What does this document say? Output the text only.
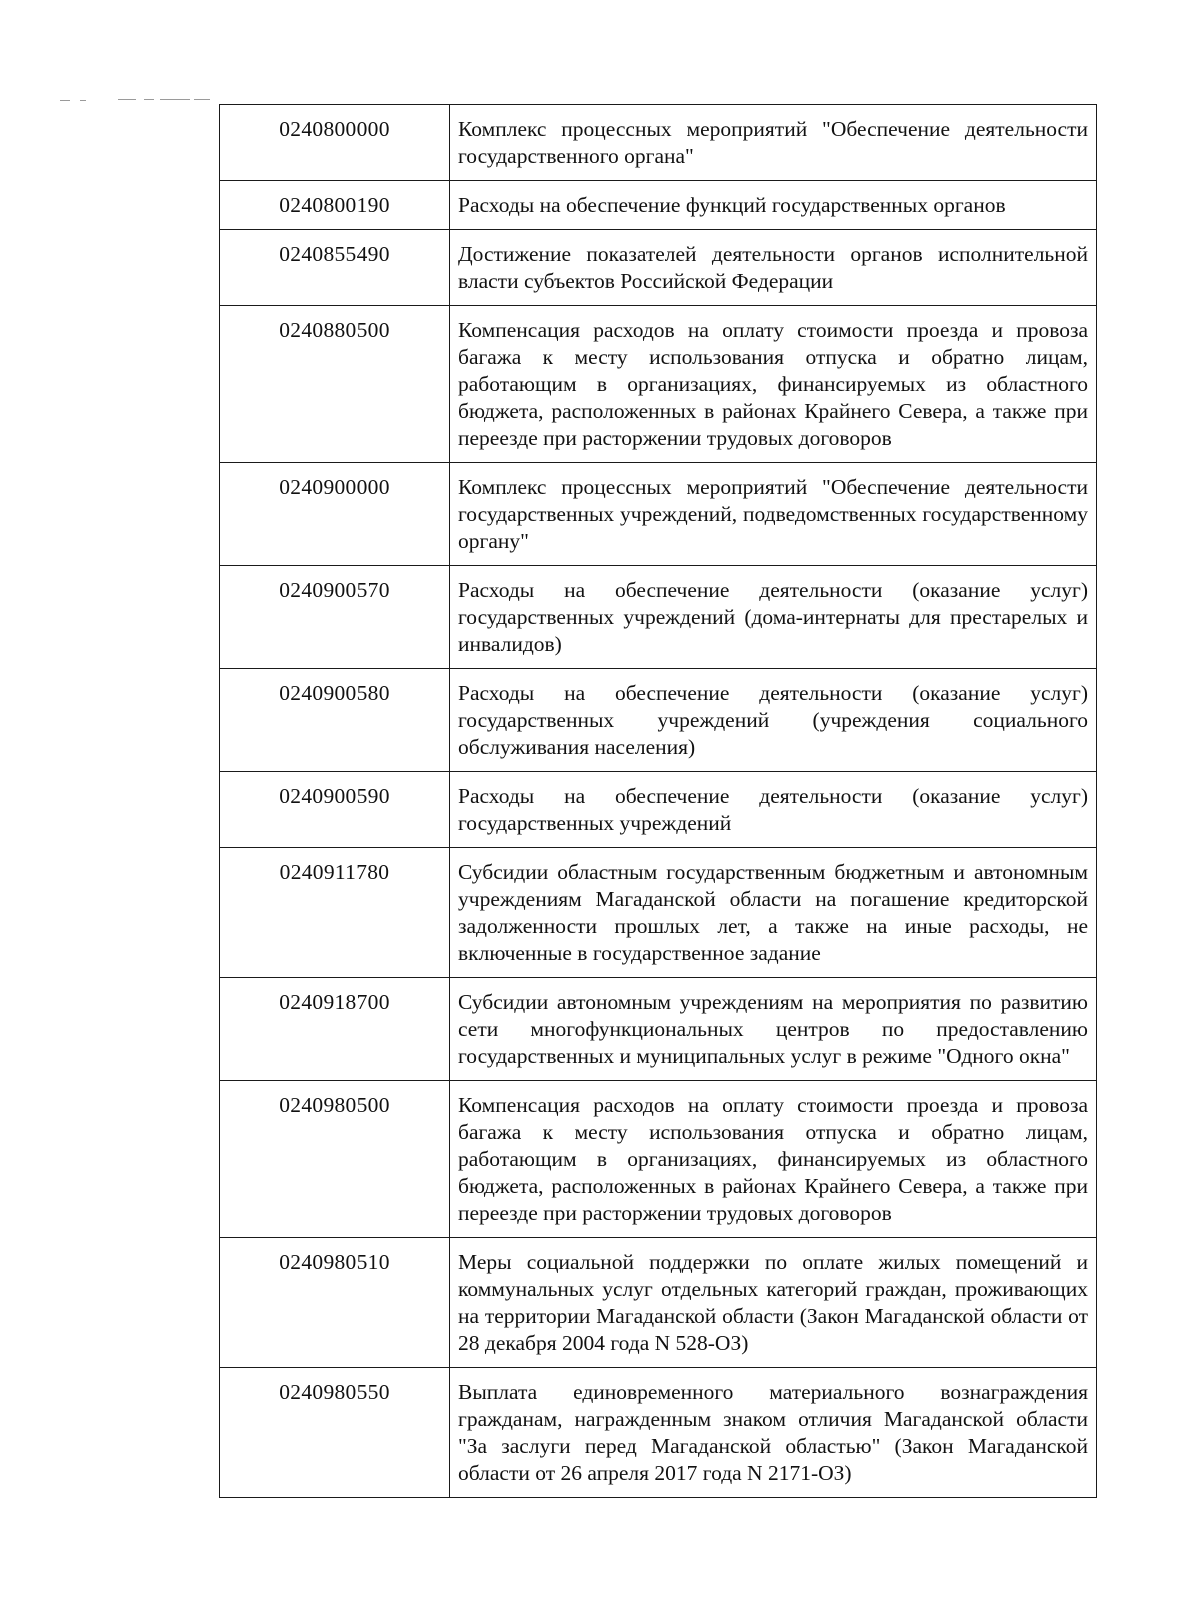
0240800000	Комплекс процессных мероприятий "Обеспечение деятельности государственного органа"
0240800190	Расходы на обеспечение функций государственных органов
0240855490	Достижение показателей деятельности органов исполнительной власти субъектов Российской Федерации
0240880500	Компенсация расходов на оплату стоимости проезда и провоза багажа к месту использования отпуска и обратно лицам, работающим в организациях, финансируемых из областного бюджета, расположенных в районах Крайнего Севера, а также при переезде при расторжении трудовых договоров
0240900000	Комплекс процессных мероприятий "Обеспечение деятельности государственных учреждений, подведомственных государственному органу"
0240900570	Расходы на обеспечение деятельности (оказание услуг) государственных учреждений (дома-интернаты для престарелых и инвалидов)
0240900580	Расходы на обеспечение деятельности (оказание услуг) государственных учреждений (учреждения социального обслуживания населения)
0240900590	Расходы на обеспечение деятельности (оказание услуг) государственных учреждений
0240911780	Субсидии областным государственным бюджетным и автономным учреждениям Магаданской области на погашение кредиторской задолженности прошлых лет, а также на иные расходы, не включенные в государственное задание
0240918700	Субсидии автономным учреждениям на мероприятия по развитию сети многофункциональных центров по предоставлению государственных и муниципальных услуг в режиме "Одного окна"
0240980500	Компенсация расходов на оплату стоимости проезда и провоза багажа к месту использования отпуска и обратно лицам, работающим в организациях, финансируемых из областного бюджета, расположенных в районах Крайнего Севера, а также при переезде при расторжении трудовых договоров
0240980510	Меры социальной поддержки по оплате жилых помещений и коммунальных услуг отдельных категорий граждан, проживающих на территории Магаданской области (Закон Магаданской области от 28 декабря 2004 года N 528-ОЗ)
0240980550	Выплата единовременного материального вознаграждения гражданам, награжденным знаком отличия Магаданской области "За заслуги перед Магаданской областью" (Закон Магаданской области от 26 апреля 2017 года N 2171-ОЗ)
